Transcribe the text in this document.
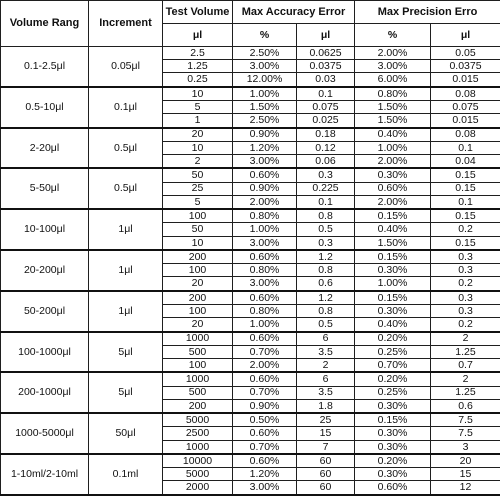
Volume Rang	Increment	Test Volume	Max Accuracy Error		Max Precision Erro	
		μl	%	μl	%	μl
0.1-2.5μl	0.05μl	2.5	2.50%	0.0625	2.00%	0.05
		1.25	3.00%	0.0375	3.00%	0.0375
		0.25	12.00%	0.03	6.00%	0.015
0.5-10μl	0.1μl	10	1.00%	0.1	0.80%	0.08
		5	1.50%	0.075	1.50%	0.075
		1	2.50%	0.025	1.50%	0.015
2-20μl	0.5μl	20	0.90%	0.18	0.40%	0.08
		10	1.20%	0.12	1.00%	0.1
		2	3.00%	0.06	2.00%	0.04
5-50μl	0.5μl	50	0.60%	0.3	0.30%	0.15
		25	0.90%	0.225	0.60%	0.15
		5	2.00%	0.1	2.00%	0.1
10-100μl	1μl	100	0.80%	0.8	0.15%	0.15
		50	1.00%	0.5	0.40%	0.2
		10	3.00%	0.3	1.50%	0.15
20-200μl	1μl	200	0.60%	1.2	0.15%	0.3
		100	0.80%	0.8	0.30%	0.3
		20	3.00%	0.6	1.00%	0.2
50-200μl	1μl	200	0.60%	1.2	0.15%	0.3
		100	0.80%	0.8	0.30%	0.3
		20	1.00%	0.5	0.40%	0.2
100-1000μl	5μl	1000	0.60%	6	0.20%	2
		500	0.70%	3.5	0.25%	1.25
		100	2.00%	2	0.70%	0.7
200-1000μl	5μl	1000	0.60%	6	0.20%	2
		500	0.70%	3.5	0.25%	1.25
		200	0.90%	1.8	0.30%	0.6
1000-5000μl	50μl	5000	0.50%	25	0.15%	7.5
		2500	0.60%	15	0.30%	7.5
		1000	0.70%	7	0.30%	3
1-10ml/2-10ml	0.1ml	10000	0.60%	60	0.20%	20
		5000	1.20%	60	0.30%	15
		2000	3.00%	60	0.60%	12
